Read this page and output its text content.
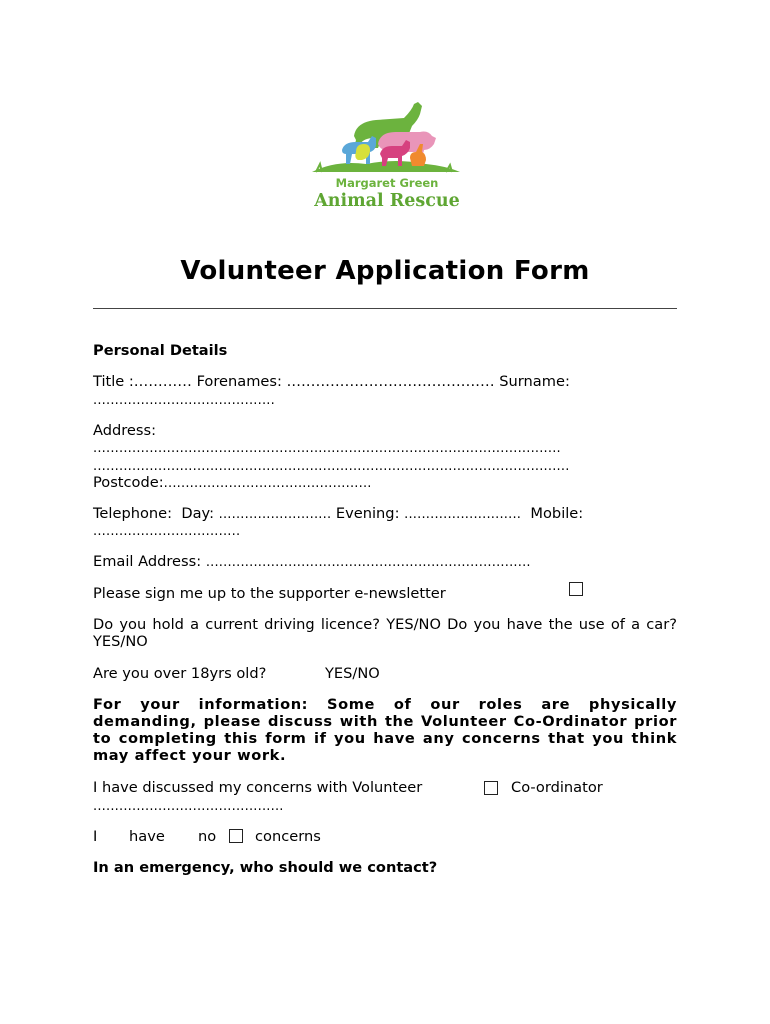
Margaret Green
Animal Rescue
Volunteer Application Form
Personal Details
Title :............ Forenames: ........................................... Surname:
..........................................
Address:
............................................................................................................
..............................................................................................................
Postcode:................................................
Telephone: Day: .......................... Evening: ........................... Mobile:
..................................
Email Address: ...........................................................................
Please sign me up to the supporter e-newsletter
Do you hold a current driving licence? YES/NO Do you have the use of a car? YES/NO
Are you over 18yrs old?	YES/NO
For your information: Some of our roles are physically demanding, please discuss with the Volunteer Co-Ordinator prior to completing this form if you have any concerns that you think may affect your work.
I have discussed my concerns with Volunteer	Co-ordinator
............................................
I have no	concerns
In an emergency, who should we contact?
